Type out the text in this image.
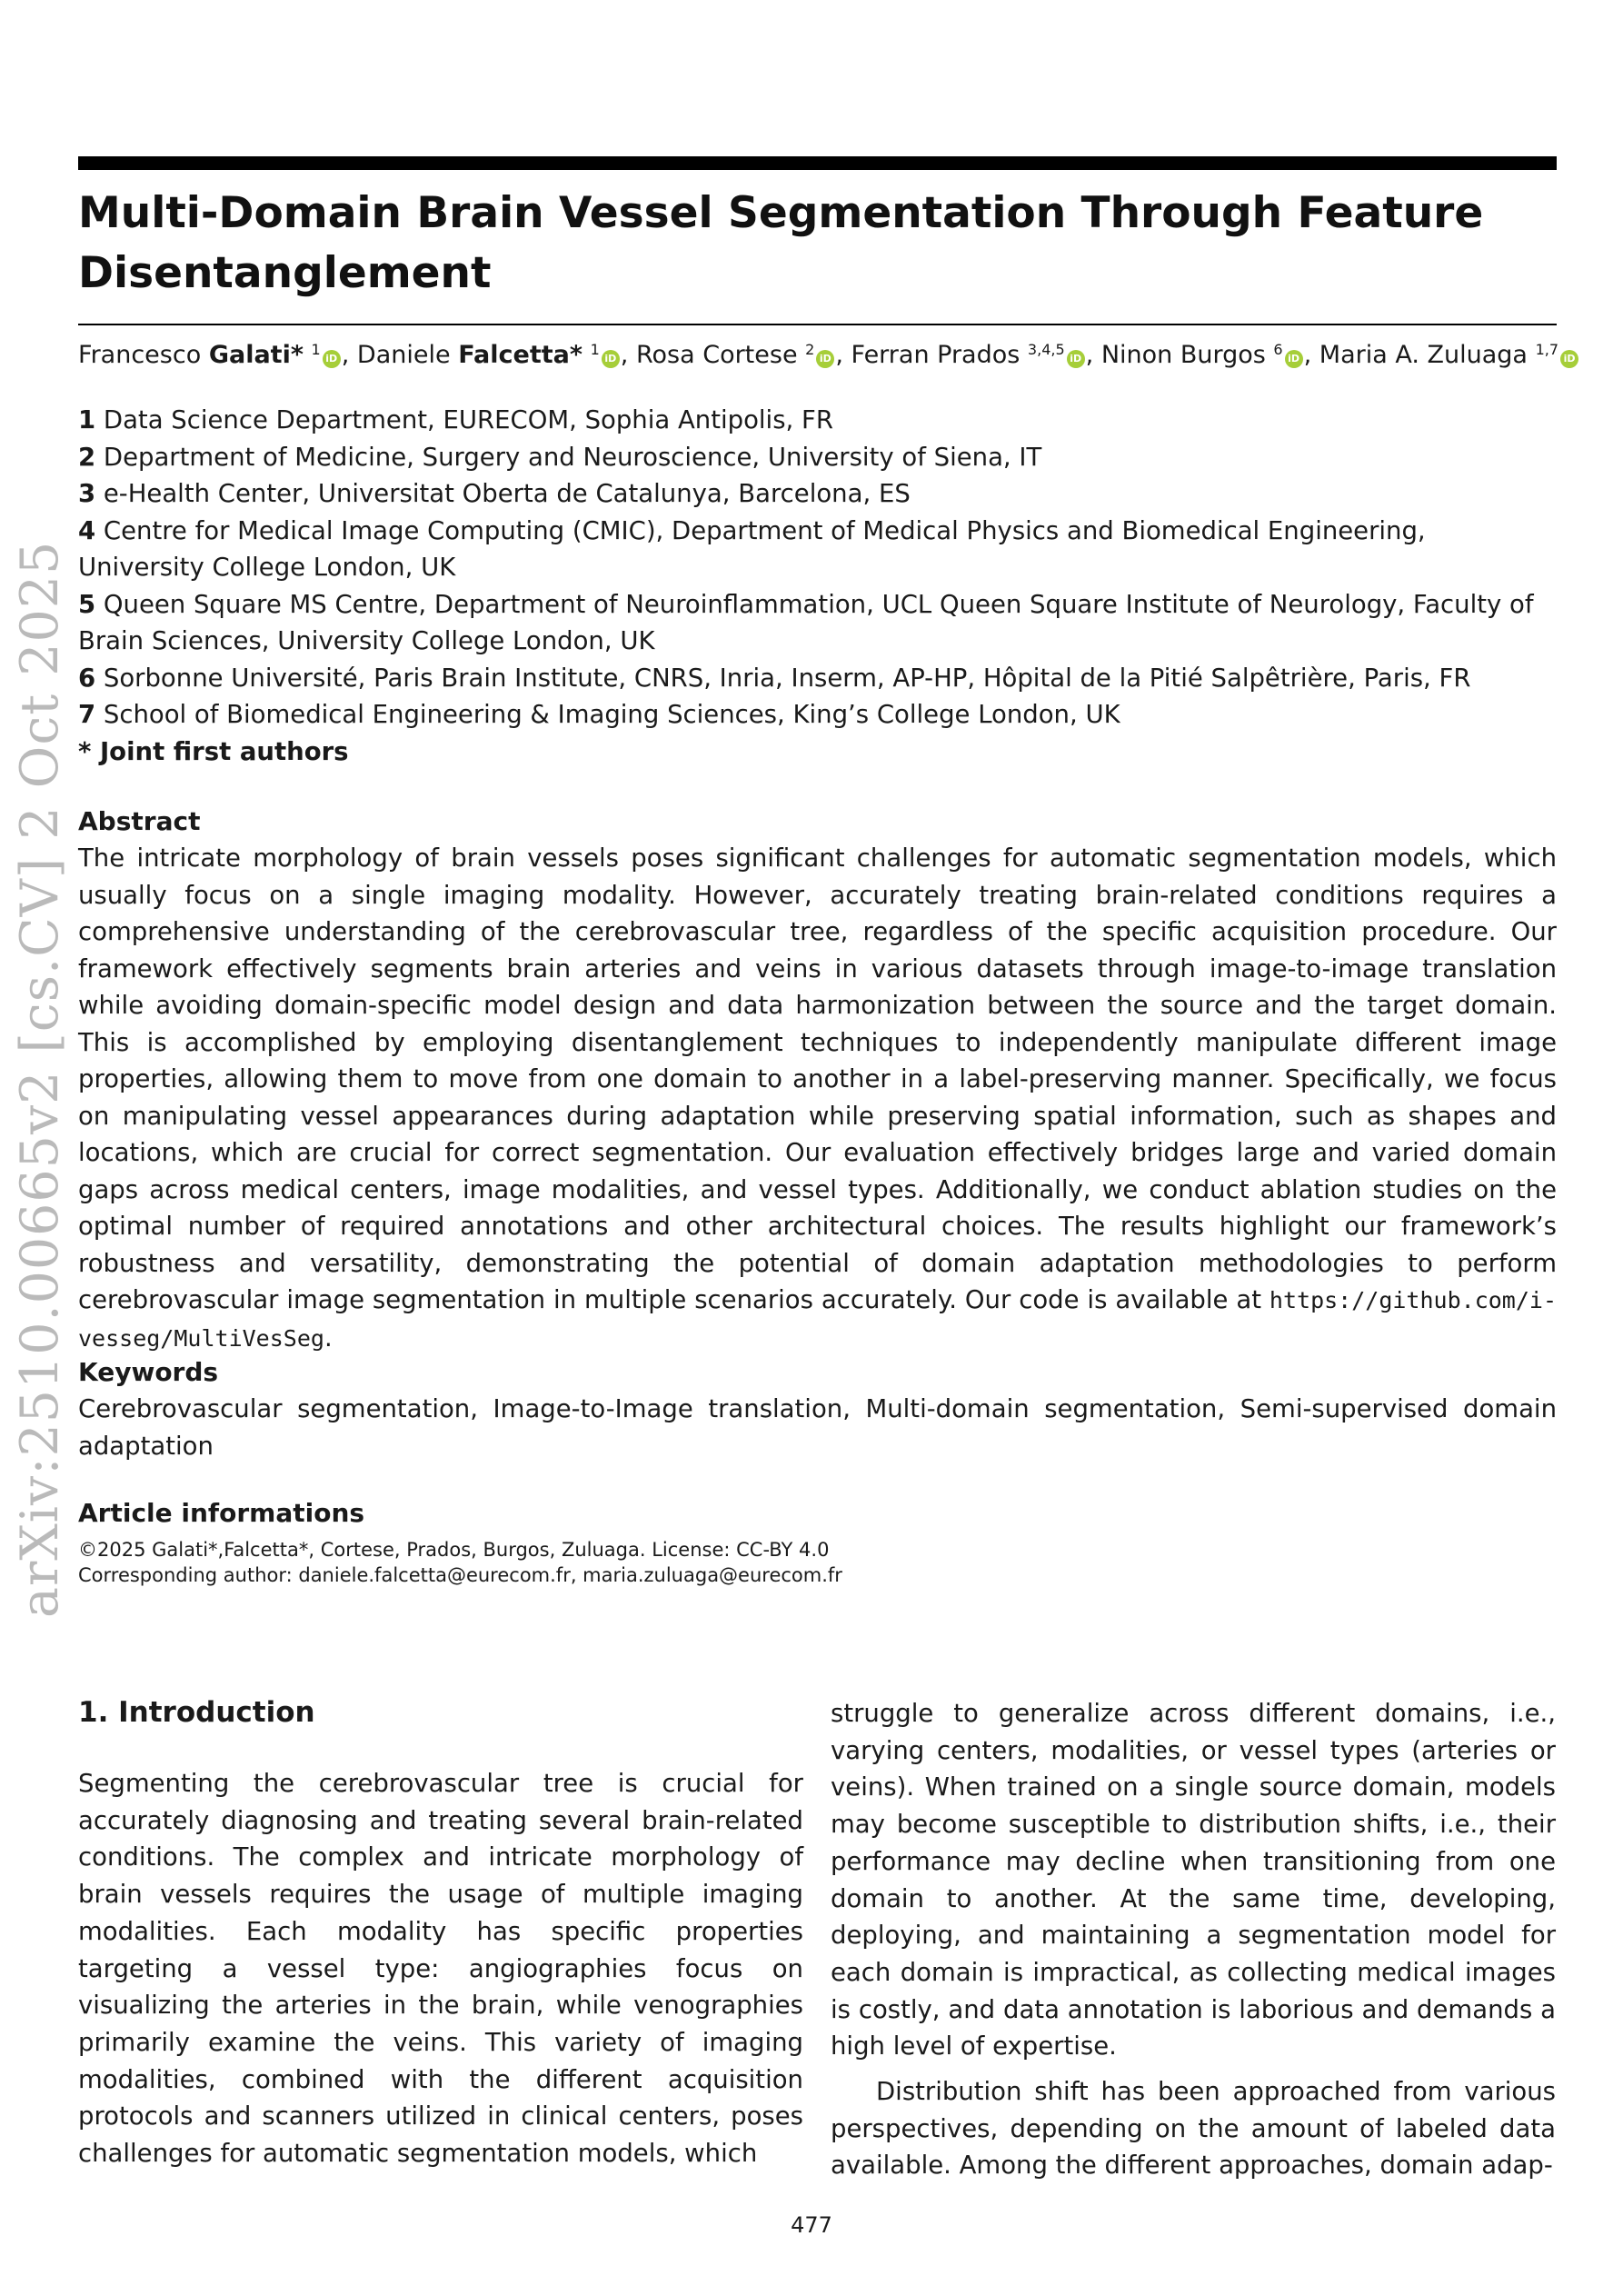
Multi-Domain Brain Vessel Segmentation Through Feature Disentanglement
Francesco Galati* $^1$iD , Daniele Falcetta* $^1$iD , Rosa Cortese $^2$iD , Ferran Prados $^{3,4,5}$iD , Ninon Burgos $^6$iD , Maria A. Zuluaga $^{1,7}$iD

1 Data Science Department, EURECOM, Sophia Antipolis, FR

2 Department of Medicine, Surgery and Neuroscience, University of Siena, IT

3 e-Health Center, Universitat Oberta de Catalunya, Barcelona, ES

4 Centre for Medical Image Computing (CMIC), Department of Medical Physics and Biomedical Engineering, University College London, UK

5 Queen Square MS Centre, Department of Neuroinflammation, UCL Queen Square Institute of Neurology, Faculty of Brain Sciences, University College London, UK

6 Sorbonne Université, Paris Brain Institute, CNRS, Inria, Inserm, AP-HP, Hôpital de la Pitié Salpêtrière, Paris, FR

7 School of Biomedical Engineering & Imaging Sciences, King’s College London, UK

* Joint first authors

Abstract

The intricate morphology of brain vessels poses significant challenges for automatic segmentation models, which usually focus on a single imaging modality. However, accurately treating brain-related conditions requires a comprehensive understanding of the cerebrovascular tree, regardless of the specific acquisition procedure. Our framework effectively segments brain arteries and veins in various datasets through image-to-image translation while avoiding domain-specific model design and data harmonization between the source and the target domain. This is accomplished by employing disentanglement techniques to independently manipulate different image properties, allowing them to move from one domain to another in a label-preserving manner. Specifically, we focus on manipulating vessel appearances during adaptation while preserving spatial information, such as shapes and locations, which are crucial for correct segmentation. Our evaluation effectively bridges large and varied domain gaps across medical centers, image modalities, and vessel types. Additionally, we conduct ablation studies on the optimal number of required annotations and other architectural choices. The results highlight our framework’s robustness and versatility, demonstrating the potential of domain adaptation methodologies to perform cerebrovascular image segmentation in multiple scenarios accurately. Our code is available at https://github.com/i-vesseg/MultiVesSeg.

Keywords

Cerebrovascular segmentation, Image-to-Image translation, Multi-domain segmentation, Semi-supervised domain adaptation

Article informations

©2025 Galati*,Falcetta*, Cortese, Prados, Burgos, Zuluaga. License: CC-BY 4.0

Corresponding author: daniele.falcetta@eurecom.fr, maria.zuluaga@eurecom.fr

1. Introduction

Segmenting the cerebrovascular tree is crucial for accurately diagnosing and treating several brain-related conditions. The complex and intricate morphology of brain vessels requires the usage of multiple imaging modalities. Each modality has specific properties targeting a vessel type: angiographies focus on visualizing the arteries in the brain, while venographies primarily examine the veins. This variety of imaging modalities, combined with the different acquisition protocols and scanners utilized in clinical centers, poses challenges for automatic segmentation models, which

struggle to generalize across different domains, i.e., varying centers, modalities, or vessel types (arteries or veins). When trained on a single source domain, models may become susceptible to distribution shifts, i.e., their performance may decline when transitioning from one domain to another. At the same time, developing, deploying, and maintaining a segmentation model for each domain is impractical, as collecting medical images is costly, and data annotation is laborious and demands a high level of expertise.

Distribution shift has been approached from various perspectives, depending on the amount of labeled data available. Among the different approaches, domain adap-

477
arXiv:2510.00665v2 [cs.CV] 2 Oct 2025
